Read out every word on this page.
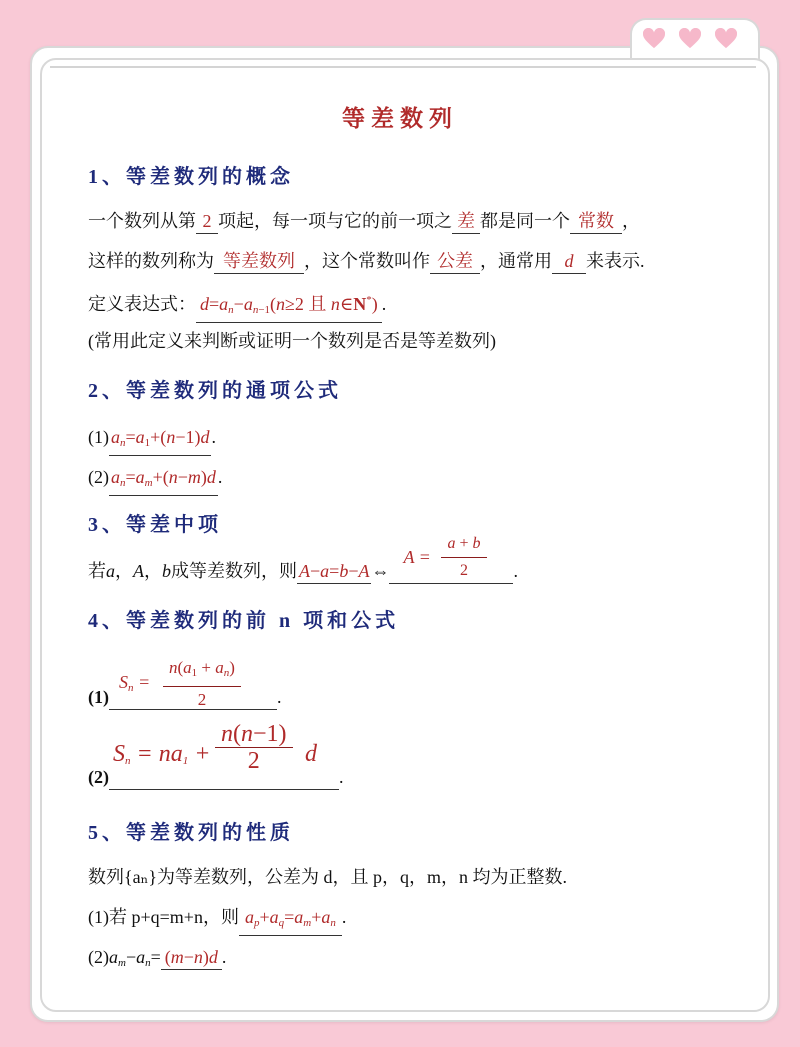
等差数列
1、等差数列的概念
一个数列从第 2 项起，每一项与它的前一项之 差 都是同一个 常数 ，
这样的数列称为 等差数列 ，这个常数叫作 公差 ，通常用 d 来表示.
定义表达式： $d=a_n-a_{n-1}(n\ge 2$ 且 n∈N*) .
(常用此定义来判断或证明一个数列是否是等差数列)
2、等差数列的通项公式
(1) $a_n=a_1+(n-1)d$ .
(2) $a_n=a_m+(n-m)d$ .
3、等差中项
若 a ， A ， b 成等差数列，则 A−a=b−A ⇔
$A = \frac{a + b}{2}$ .
4、等差数列的前 n 项和公式
(1)
$S_n = \frac{n(a_1 + a_n)}{2}$ .
(2)
$S_n = na_1 + \frac{n(n-1)}{2}$ d
.
5、等差数列的性质
数列{aₙ}为等差数列，公差为 d，且 p，q，m，n 均为正整数.
(1)若 p+q=m+n，则 $a_p+a_q=a_m+a_n$ .
$(2)a_m-a_n= (m-n)d$ .
